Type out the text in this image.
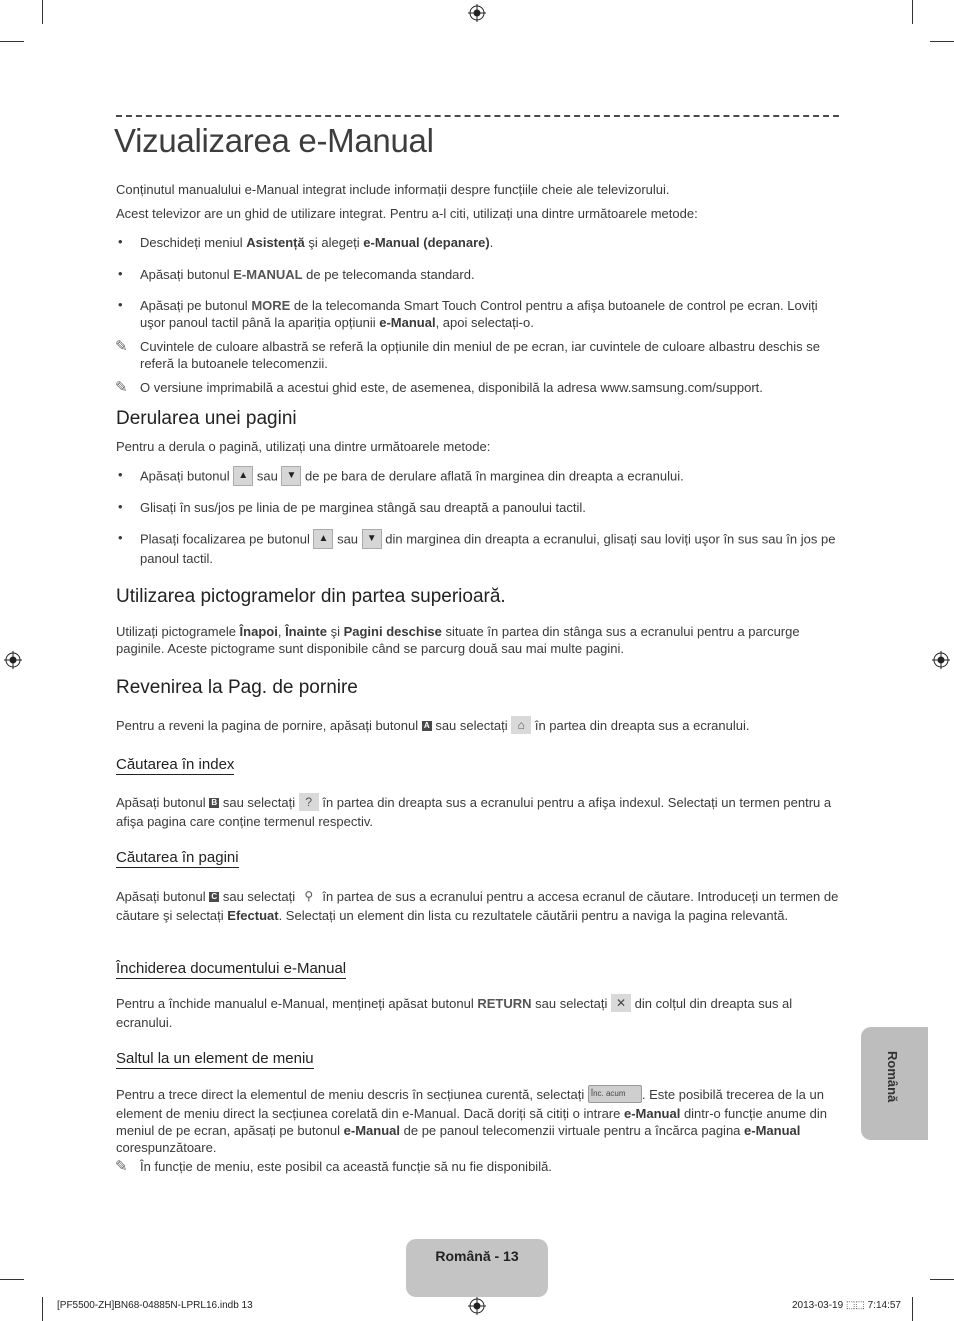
Vizualizarea e-Manual
Conținutul manualului e-Manual integrat include informații despre funcțiile cheie ale televizorului.
Acest televizor are un ghid de utilizare integrat. Pentru a-l citi, utilizați una dintre următoarele metode:
• Deschideți meniul Asistență şi alegeți e-Manual (depanare).
• Apăsați butonul E-MANUAL de pe telecomanda standard.
• Apăsați pe butonul MORE de la telecomanda Smart Touch Control pentru a afişa butoanele de control pe ecran. Loviți uşor panoul tactil până la apariția opțiunii e-Manual, apoi selectați-o.
✎ Cuvintele de culoare albastră se referă la opțiunile din meniul de pe ecran, iar cuvintele de culoare albastru deschis se referă la butoanele telecomenzii.
✎ O versiune imprimabilă a acestui ghid este, de asemenea, disponibilă la adresa www.samsung.com/support.
Derularea unei pagini
Pentru a derula o pagină, utilizați una dintre următoarele metode:
• Apăsați butonul ▲ sau ▼ de pe bara de derulare aflată în marginea din dreapta a ecranului.
• Glisați în sus/jos pe linia de pe marginea stângă sau dreaptă a panoului tactil.
• Plasați focalizarea pe butonul ▲ sau ▼ din marginea din dreapta a ecranului, glisați sau loviți uşor în sus sau în jos pe panoul tactil.
Utilizarea pictogramelor din partea superioară.
Utilizați pictogramele Înapoi, Înainte şi Pagini deschise situate în partea din stânga sus a ecranului pentru a parcurge paginile. Aceste pictograme sunt disponibile când se parcurg două sau mai multe pagini.
Revenirea la Pag. de pornire
Pentru a reveni la pagina de pornire, apăsați butonul A sau selectați ⌂ în partea din dreapta sus a ecranului.
Căutarea în index
Apăsați butonul B sau selectați ? în partea din dreapta sus a ecranului pentru a afişa indexul. Selectați un termen pentru a afişa pagina care conține termenul respectiv.
Căutarea în pagini
Apăsați butonul C sau selectați ⚲ în partea de sus a ecranului pentru a accesa ecranul de căutare. Introduceți un termen de căutare şi selectați Efectuat. Selectați un element din lista cu rezultatele căutării pentru a naviga la pagina relevantă.
Închiderea documentului e-Manual
Pentru a închide manualul e-Manual, mențineți apăsat butonul RETURN sau selectați ✕ din colțul din dreapta sus al ecranului.
Saltul la un element de meniu
Pentru a trece direct la elementul de meniu descris în secțiunea curentă, selectați Înc. acum . Este posibilă trecerea de la un element de meniu direct la secțiunea corelată din e-Manual. Dacă doriți să citiți o intrare e-Manual dintr-o funcție anume din meniul de pe ecran, apăsați pe butonul e-Manual de pe panoul telecomenzii virtuale pentru a încărca pagina e-Manual corespunzătoare.
✎ În funcție de meniu, este posibil ca această funcție să nu fie disponibilă.
Română
Română - 13
[PF5500-ZH]BN68-04885N-LPRL16.indb 13	2013-03-19 ⬚⬚ 7:14:57
